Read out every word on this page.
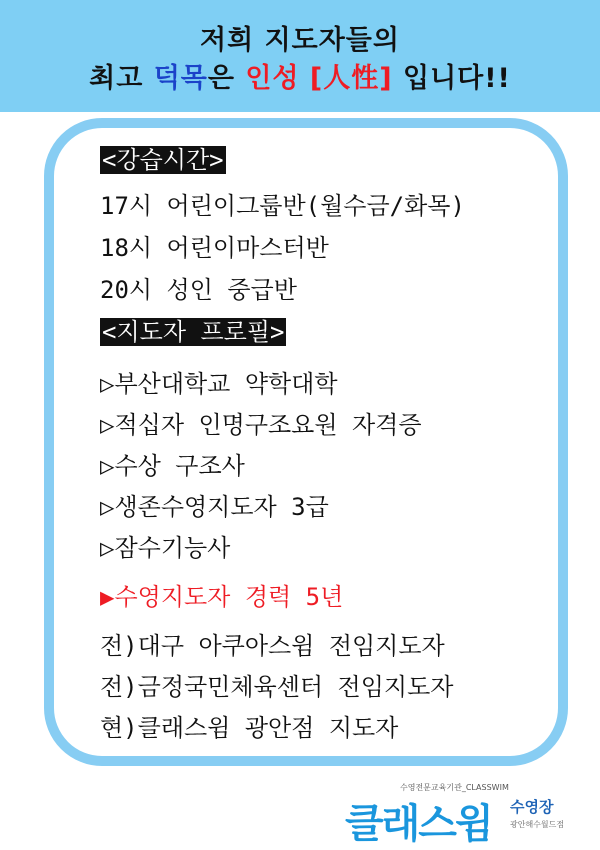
저희 지도자들의
최고 덕목은 인성 [人性] 입니다!!
<강습시간>
17시 어린이그룹반(월수금/화목)
18시 어린이마스터반
20시 성인 중급반
<지도자 프로필>
▷부산대학교 약학대학
▷적십자 인명구조요원 자격증
▷수상 구조사
▷생존수영지도자 3급
▷잠수기능사
▶수영지도자 경력 5년
전)대구 아쿠아스윔 전임지도자
전)금정국민체육센터 전임지도자
현)클래스윔 광안점 지도자
수영전문교육기관_CLASSWIM
클래스윔 수영장
광안해수월드점
